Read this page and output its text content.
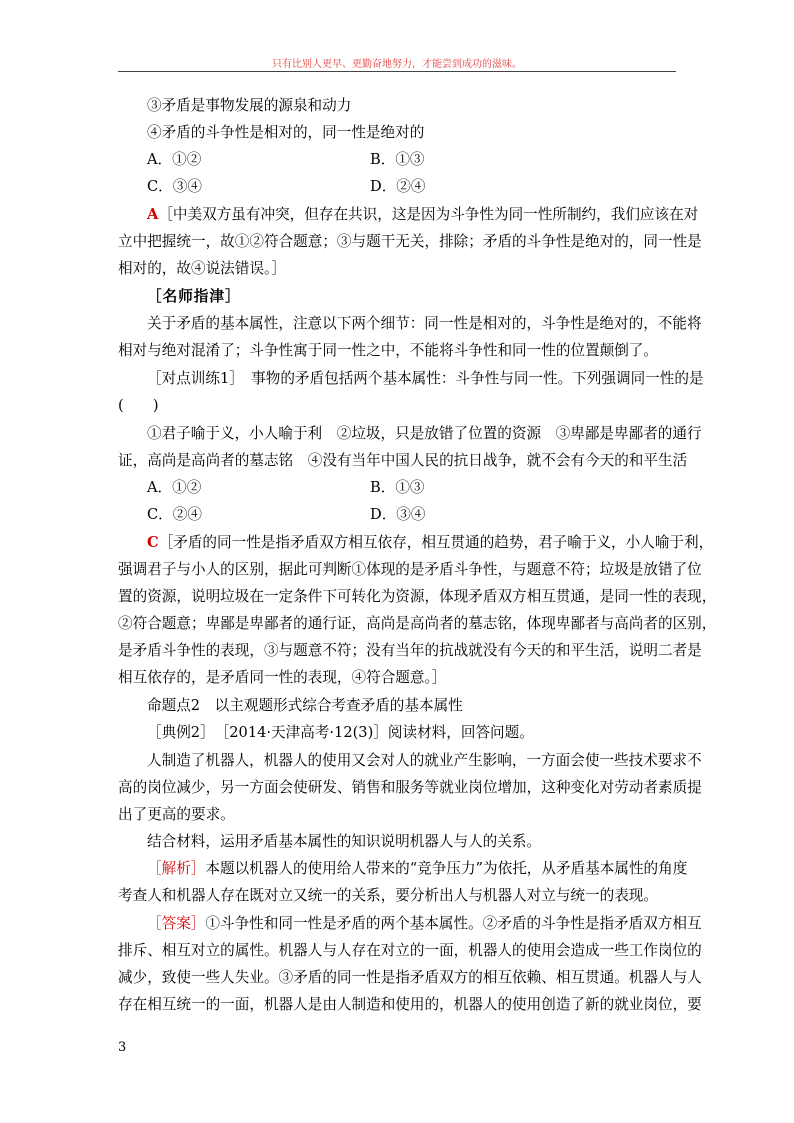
只有比别人更早、更勤奋地努力，才能尝到成功的滋味。
③矛盾是事物发展的源泉和动力
④矛盾的斗争性是相对的，同一性是绝对的
A．①②	B．①③
C．③④	D．②④
A［中美双方虽有冲突，但存在共识，这是因为斗争性为同一性所制约，我们应该在对
立中把握统一，故①②符合题意；③与题干无关，排除；矛盾的斗争性是绝对的，同一性是
相对的，故④说法错误。］
［名师指津］
关于矛盾的基本属性，注意以下两个细节：同一性是相对的，斗争性是绝对的，不能将
相对与绝对混淆了；斗争性寓于同一性之中，不能将斗争性和同一性的位置颠倒了。
［对点训练1］　事物的矛盾包括两个基本属性：斗争性与同一性。下列强调同一性的是
(　　)
①君子喻于义，小人喻于利　②垃圾，只是放错了位置的资源　③卑鄙是卑鄙者的通行
证，高尚是高尚者的墓志铭　④没有当年中国人民的抗日战争，就不会有今天的和平生活
A．①②	B．①③
C．②④	D．③④
C［矛盾的同一性是指矛盾双方相互依存，相互贯通的趋势，君子喻于义，小人喻于利，
强调君子与小人的区别，据此可判断①体现的是矛盾斗争性，与题意不符；垃圾是放错了位
置的资源，说明垃圾在一定条件下可转化为资源，体现矛盾双方相互贯通，是同一性的表现，
②符合题意；卑鄙是卑鄙者的通行证，高尚是高尚者的墓志铭，体现卑鄙者与高尚者的区别，
是矛盾斗争性的表现，③与题意不符；没有当年的抗战就没有今天的和平生活，说明二者是
相互依存的，是矛盾同一性的表现，④符合题意。］
命题点2　以主观题形式综合考查矛盾的基本属性
［典例2］　［2014·天津高考·12(3)］阅读材料，回答问题。
人制造了机器人，机器人的使用又会对人的就业产生影响，一方面会使一些技术要求不
高的岗位减少，另一方面会使研发、销售和服务等就业岗位增加，这种变化对劳动者素质提
出了更高的要求。
结合材料，运用矛盾基本属性的知识说明机器人与人的关系。
［解析］本题以机器人的使用给人带来的“竞争压力”为依托，从矛盾基本属性的角度
考查人和机器人存在既对立又统一的关系，要分析出人与机器人对立与统一的表现。
［答案］①斗争性和同一性是矛盾的两个基本属性。②矛盾的斗争性是指矛盾双方相互
排斥、相互对立的属性。机器人与人存在对立的一面，机器人的使用会造成一些工作岗位的
减少，致使一些人失业。③矛盾的同一性是指矛盾双方的相互依赖、相互贯通。机器人与人
存在相互统一的一面，机器人是由人制造和使用的，机器人的使用创造了新的就业岗位，要
3
